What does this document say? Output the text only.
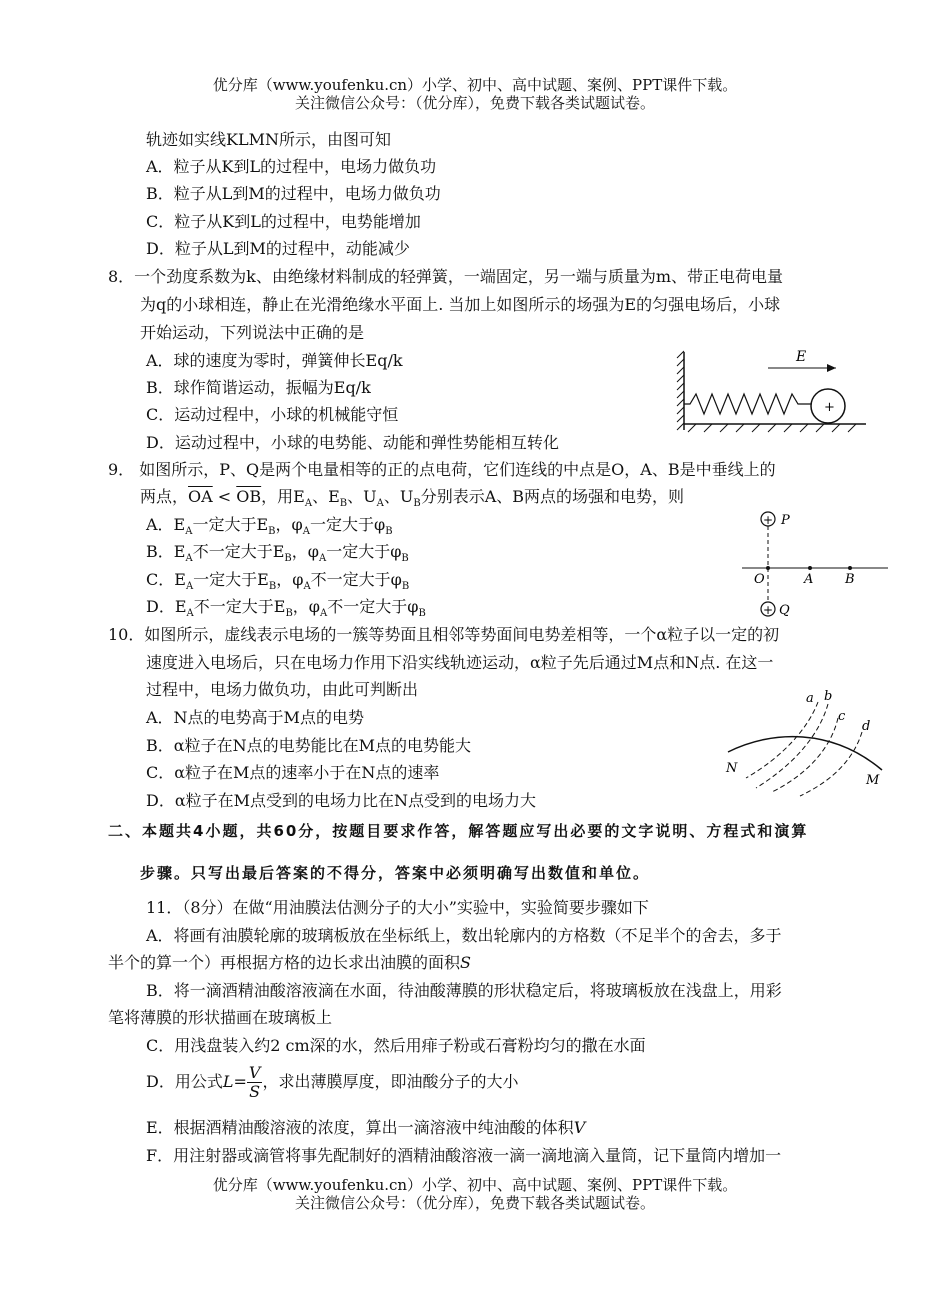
优分库（www.youfenku.cn）小学、初中、高中试题、案例、PPT课件下载。
关注微信公众号：（优分库），免费下载各类试题试卷。
轨迹如实线KLMN所示，由图可知
A．粒子从K到L的过程中，电场力做负功
B．粒子从L到M的过程中，电场力做负功
C．粒子从K到L的过程中，电势能增加
D．粒子从L到M的过程中，动能减少
8．一个劲度系数为k、由绝缘材料制成的轻弹簧，一端固定，另一端与质量为m、带正电荷电量
为q的小球相连，静止在光滑绝缘水平面上. 当加上如图所示的场强为E的匀强电场后，小球
开始运动，下列说法中正确的是
A．球的速度为零时，弹簧伸长Eq/k
B．球作简谐运动，振幅为Eq/k
C．运动过程中，小球的机械能守恒
D．运动过程中，小球的电势能、动能和弹性势能相互转化
+
E
9． 如图所示，P、Q是两个电量相等的正的点电荷，它们连线的中点是O，A、B是中垂线上的
两点，$\overline{OA} < \overline{OB}$，用$E_A$、$E_B$、$U_A$、$U_B$分别表示A、B两点的场强和电势，则
A．$E_A$一定大于$E_B$，$\varphi_A$一定大于$\varphi_B$
B．$E_A$不一定大于$E_B$，$\varphi_A$一定大于$\varphi_B$
C．$E_A$一定大于$E_B$，$\varphi_A$不一定大于$\varphi_B$
D．$E_A$不一定大于$E_B$，$\varphi_A$不一定大于$\varphi_B$
+ P
+ Q
O	A B
10．如图所示，虚线表示电场的一簇等势面且相邻等势面间电势差相等，一个α粒子以一定的初
速度进入电场后，只在电场力作用下沿实线轨迹运动，α粒子先后通过M点和N点. 在这一
过程中，电场力做负功，由此可判断出
A．N点的电势高于M点的电势
B．α粒子在N点的电势能比在M点的电势能大
C．α粒子在M点的速率小于在N点的速率
D．α粒子在M点受到的电场力比在N点受到的电场力大
a b
c
d
N
M
二、本题共4小题，共60分，按题目要求作答，解答题应写出必要的文字说明、方程式和演算
步骤。只写出最后答案的不得分，答案中必须明确写出数值和单位。
11．（8分）在做“用油膜法估测分子的大小”实验中，实验简要步骤如下
A．将画有油膜轮廓的玻璃板放在坐标纸上，数出轮廓内的方格数（不足半个的舍去，多于
半个的算一个）再根据方格的边长求出油膜的面积S
B．将一滴酒精油酸溶液滴在水面，待油酸薄膜的形状稳定后，将玻璃板放在浅盘上，用彩
笔将薄膜的形状描画在玻璃板上
C．用浅盘装入约2 cm深的水，然后用痱子粉或石膏粉均匀的撒在水面
D．用公式$L= \frac{V}{S}$ ，求出薄膜厚度，即油酸分子的大小
E．根据酒精油酸溶液的浓度，算出一滴溶液中纯油酸的体积V
F．用注射器或滴管将事先配制好的酒精油酸溶液一滴一滴地滴入量筒，记下量筒内增加一
优分库（www.youfenku.cn）小学、初中、高中试题、案例、PPT课件下载。
关注微信公众号：（优分库），免费下载各类试题试卷。
